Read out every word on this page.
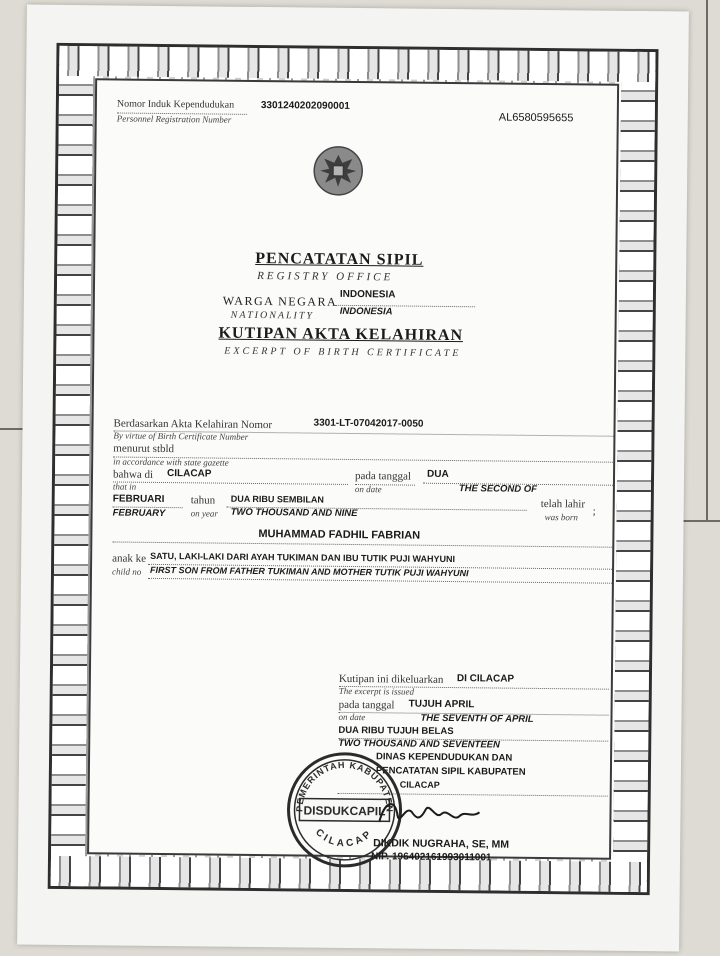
Nomor Induk Kependudukan
Personnel Registration Number
3301240202090001
AL6580595655
PENCATATAN SIPIL
REGISTRY OFFICE
WARGA NEGARA
NATIONALITY
INDONESIA
INDONESIA
KUTIPAN AKTA KELAHIRAN
EXCERPT OF BIRTH CERTIFICATE
Berdasarkan Akta Kelahiran Nomor	3301-LT-07042017-0050
By virtue of Birth Certificate Number
menurut stbld
in accordance with state gazette
bahwa di CILACAP
that in
pada tanggal
on date
DUA
THE SECOND OF
FEBRUARI
FEBRUARY
tahun
on year
DUA RIBU SEMBILAN
TWO THOUSAND AND NINE
telah lahir
was born ;
MUHAMMAD FADHIL FABRIAN
anak ke
child no
SATU, LAKI-LAKI DARI AYAH TUKIMAN DAN IBU TUTIK PUJI WAHYUNI
FIRST SON FROM FATHER TUKIMAN AND MOTHER TUTIK PUJI WAHYUNI
Kutipan ini dikeluarkan DI CILACAP
The excerpt is issued
pada tanggal TUJUH APRIL
on date	THE SEVENTH OF APRIL
DUA RIBU TUJUH BELAS
TWO THOUSAND AND SEVENTEEN
DINAS KEPENDUDUKAN DAN
PENCATATAN SIPIL KABUPATEN
CILACAP
PEMERINTAH KABUPATEN
DISDUKCAPIL
CILACAP
DIKDIK NUGRAHA, SE, MM
NIP. 196402161993011001
